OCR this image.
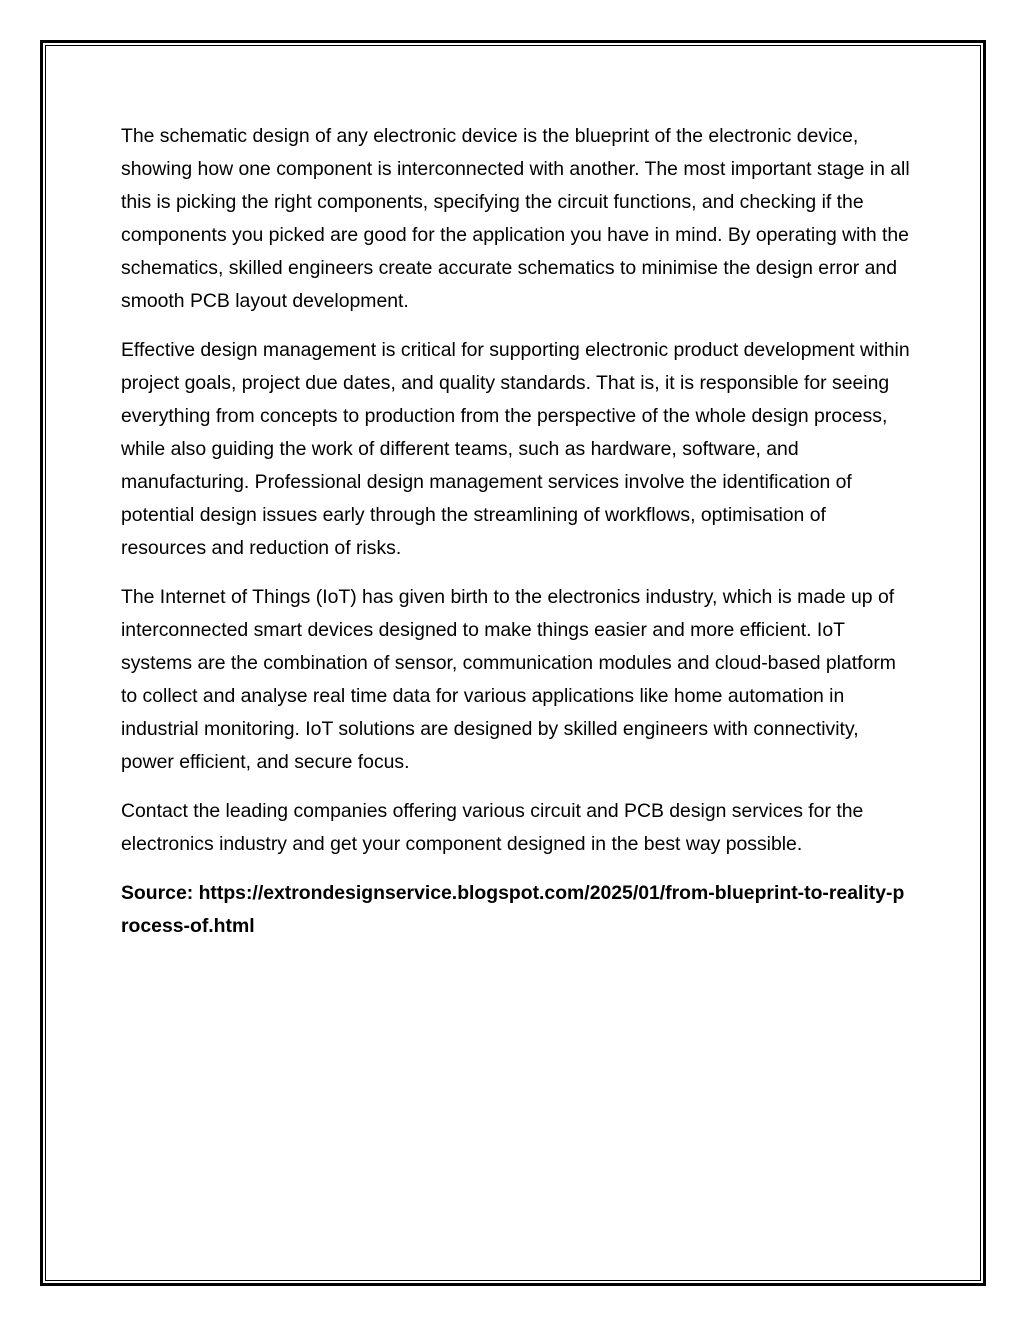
The schematic design of any electronic device is the blueprint of the electronic device, showing how one component is interconnected with another. The most important stage in all this is picking the right components, specifying the circuit functions, and checking if the components you picked are good for the application you have in mind. By operating with the schematics, skilled engineers create accurate schematics to minimise the design error and smooth PCB layout development.

Effective design management is critical for supporting electronic product development within project goals, project due dates, and quality standards. That is, it is responsible for seeing everything from concepts to production from the perspective of the whole design process, while also guiding the work of different teams, such as hardware, software, and manufacturing. Professional design management services involve the identification of potential design issues early through the streamlining of workflows, optimisation of resources and reduction of risks.

The Internet of Things (IoT) has given birth to the electronics industry, which is made up of interconnected smart devices designed to make things easier and more efficient. IoT systems are the combination of sensor, communication modules and cloud-based platform to collect and analyse real time data for various applications like home automation in industrial monitoring. IoT solutions are designed by skilled engineers with connectivity, power efficient, and secure focus.

Contact the leading companies offering various circuit and PCB design services for the electronics industry and get your component designed in the best way possible.

Source: https://extrondesignservice.blogspot.com/2025/01/from-blueprint-to-reality-process-of.html
